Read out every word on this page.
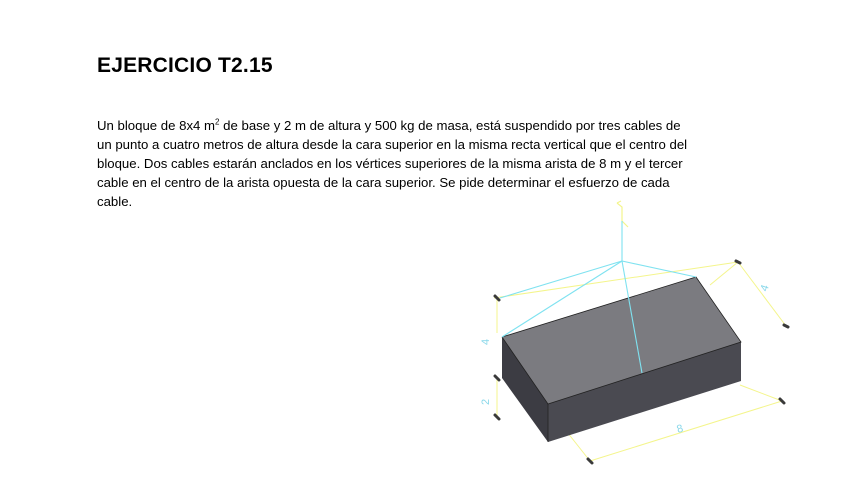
EJERCICIO T2.15
Un bloque de 8x4 $m^2$ de base y 2 m de altura y 500 kg de masa, está suspendido por tres cables de un punto a cuatro metros de altura desde la cara superior en la misma recta vertical que el centro del bloque. Dos cables estarán anclados en los vértices superiores de la misma arista de 8 m y el tercer cable en el centro de la arista opuesta de la cara superior. Se pide determinar el esfuerzo de cada cable.
4
2
8
4
